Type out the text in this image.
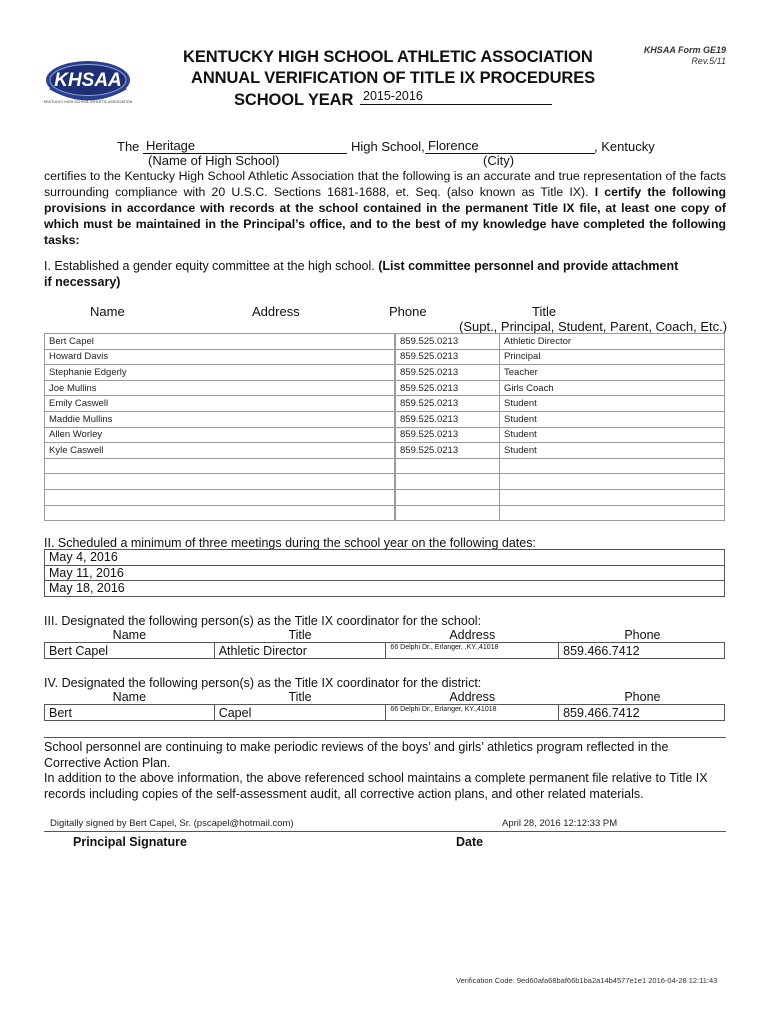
KHSAA
KENTUCKY HIGH SCHOOL ATHLETIC ASSOCIATION
KENTUCKY HIGH SCHOOL ATHLETIC ASSOCIATION
ANNUAL VERIFICATION OF TITLE IX PROCEDURES
SCHOOL YEAR 2015-2016
KHSAA Form GE19
Rev.5/11
The Heritage	High School, Florence	, Kentucky
(Name of High School)	(City)
certifies to the Kentucky High School Athletic Association that the following is an accurate and true representation of the facts surrounding compliance with 20 U.S.C. Sections 1681-1688, et. Seq. (also known as Title IX). I certify the following provisions in accordance with records at the school contained in the permanent Title IX file, at least one copy of which must be maintained in the Principal’s office, and to the best of my knowledge have completed the following tasks:
I. Established a gender equity committee at the high school. (List committee personnel and provide attachment if necessary)
Name	Address	Phone	Title
(Supt., Principal, Student, Parent, Coach, Etc.)
Bert Capel		859.525.0213	Athletic Director
Howard Davis		859.525.0213	Principal
Stephanie Edgerly		859.525.0213	Teacher
Joe Mullins		859.525.0213	Girls Coach
Emily Caswell		859.525.0213	Student
Maddie Mullins		859.525.0213	Student
Allen Worley		859.525.0213	Student
Kyle Caswell		859.525.0213	Student

II. Scheduled a minimum of three meetings during the school year on the following dates:
May 4, 2016
May 11, 2016
May 18, 2016
III. Designated the following person(s) as the Title IX coordinator for the school:
Name	Title	Address	Phone
Bert Capel	Athletic Director	66 Delphi Dr., Erlanger, ,KY.,41018	859.466.7412
IV. Designated the following person(s) as the Title IX coordinator for the district:
Name	Title	Address	Phone
Bert	Capel	66 Delphi Dr., Erlanger, KY.,41018	859.466.7412
School personnel are continuing to make periodic reviews of the boys’ and girls’ athletics program reflected in the Corrective Action Plan.
In addition to the above information, the above referenced school maintains a complete permanent file relative to Title IX records including copies of the self-assessment audit, all corrective action plans, and other related materials.
Digitally signed by Bert Capel, Sr. (pscapel@hotmail.com)	April 28, 2016 12:12:33 PM
Principal Signature	Date
Verification Code: 9ed60afa68baf66b1ba2a14b4577e1e1 2016-04-28 12:11:43
